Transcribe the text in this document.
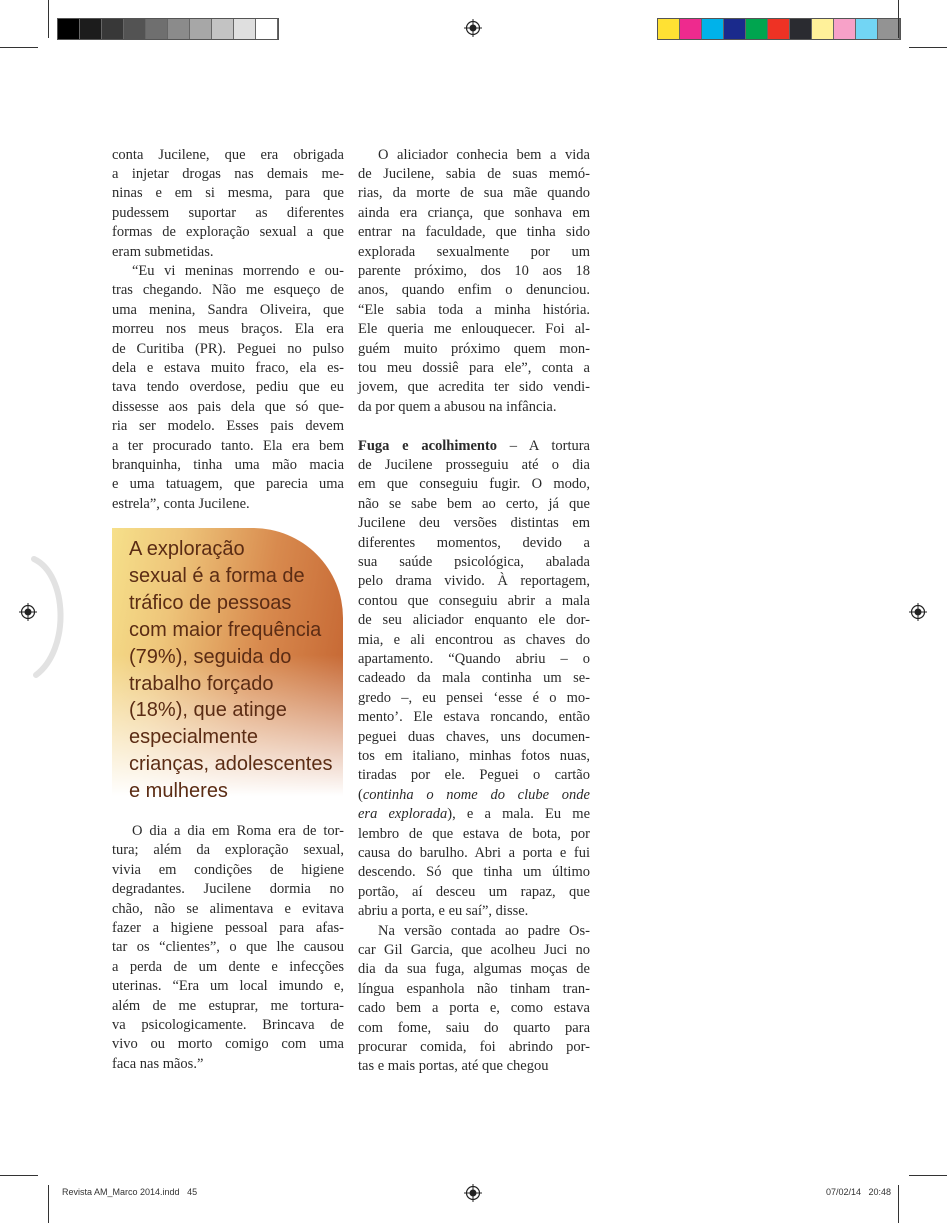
conta Jucilene, que era obrigada
a injetar drogas nas demais me-
ninas e em si mesma, para que
pudessem suportar as diferentes
formas de exploração sexual a que
eram submetidas.
“Eu vi meninas morrendo e ou-
tras chegando. Não me esqueço de
uma menina, Sandra Oliveira, que
morreu nos meus braços. Ela era
de Curitiba (PR). Peguei no pulso
dela e estava muito fraco, ela es-
tava tendo overdose, pediu que eu
dissesse aos pais dela que só que-
ria ser modelo. Esses pais devem
a ter procurado tanto. Ela era bem
branquinha, tinha uma mão macia
e uma tatuagem, que parecia uma
estrela”, conta Jucilene.
O dia a dia em Roma era de tor-
tura; além da exploração sexual,
vivia em condições de higiene
degradantes. Jucilene dormia no
chão, não se alimentava e evitava
fazer a higiene pessoal para afas-
tar os “clientes”, o que lhe causou
a perda de um dente e infecções
uterinas. “Era um local imundo e,
além de me estuprar, me tortura-
va psicologicamente. Brincava de
vivo ou morto comigo com uma
faca nas mãos.”
O aliciador conhecia bem a vida
de Jucilene, sabia de suas memó-
rias, da morte de sua mãe quando
ainda era criança, que sonhava em
entrar na faculdade, que tinha sido
explorada sexualmente por um
parente próximo, dos 10 aos 18
anos, quando enfim o denunciou.
“Ele sabia toda a minha história.
Ele queria me enlouquecer. Foi al-
guém muito próximo quem mon-
tou meu dossiê para ele”, conta a
jovem, que acredita ter sido vendi-
da por quem a abusou na infância.
Fuga e acolhimento – A tortura
de Jucilene prosseguiu até o dia
em que conseguiu fugir. O modo,
não se sabe bem ao certo, já que
Jucilene deu versões distintas em
diferentes momentos, devido a
sua saúde psicológica, abalada
pelo drama vivido. À reportagem,
contou que conseguiu abrir a mala
de seu aliciador enquanto ele dor-
mia, e ali encontrou as chaves do
apartamento. “Quando abriu – o
cadeado da mala continha um se-
gredo –, eu pensei ‘esse é o mo-
mento’. Ele estava roncando, então
peguei duas chaves, uns documen-
tos em italiano, minhas fotos nuas,
tiradas por ele. Peguei o cartão
(continha o nome do clube onde
era explorada), e a mala. Eu me
lembro de que estava de bota, por
causa do barulho. Abri a porta e fui
descendo. Só que tinha um último
portão, aí desceu um rapaz, que
abriu a porta, e eu saí”, disse.
Na versão contada ao padre Os-
car Gil Garcia, que acolheu Juci no
dia da sua fuga, algumas moças de
língua espanhola não tinham tran-
cado bem a porta e, como estava
com fome, saiu do quarto para
procurar comida, foi abrindo por-
tas e mais portas, até que chegou
A exploração
sexual é a forma de
tráfico de pessoas
com maior frequência
(79%), seguida do
trabalho forçado
(18%), que atinge
especialmente
crianças, adolescentes
e mulheres
Revista AM_Marco 2014.indd   45	07/02/14   20:48
